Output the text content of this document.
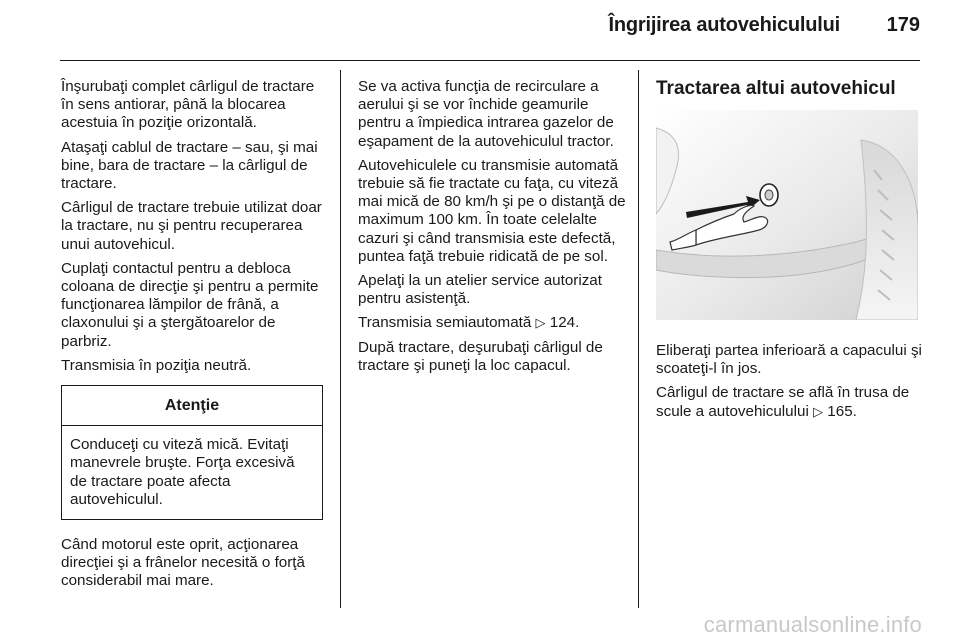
Îngrijirea autovehiculului 179

Înşurubaţi complet cârligul de tractare în sens antiorar, până la blocarea acestuia în poziţie orizontală.

Ataşaţi cablul de tractare – sau, şi mai bine, bara de tractare – la cârligul de tractare.

Cârligul de tractare trebuie utilizat doar la tractare, nu şi pentru recuperarea unui autovehicul.

Cuplaţi contactul pentru a debloca coloana de direcţie şi pentru a permite funcţionarea lămpilor de frână, a claxonului şi a ştergătoarelor de parbriz.

Transmisia în poziţia neutră.

Atenţie
Conduceţi cu viteză mică. Evitaţi manevrele bruşte. Forţa excesivă de tractare poate afecta autovehiculul.

Când motorul este oprit, acţionarea direcţiei şi a frânelor necesită o forţă considerabil mai mare.

Se va activa funcţia de recirculare a aerului şi se vor închide geamurile pentru a împiedica intrarea gazelor de eşapament de la autovehiculul tractor.

Autovehiculele cu transmisie automată trebuie să fie tractate cu faţa, cu viteză mai mică de 80 km/h şi pe o distanţă de maximum 100 km. În toate celelalte cazuri şi când transmisia este defectă, puntea faţă trebuie ridicată de pe sol.

Apelaţi la un atelier service autorizat pentru asistenţă.

Transmisia semiautomată ▷ 124.

După tractare, deşurubaţi cârligul de tractare şi puneţi la loc capacul.

Tractarea altui autovehicul

Eliberaţi partea inferioară a capacului şi scoateţi-l în jos.

Cârligul de tractare se află în trusa de scule a autovehiculului ▷ 165.

carmanualsonline.info
